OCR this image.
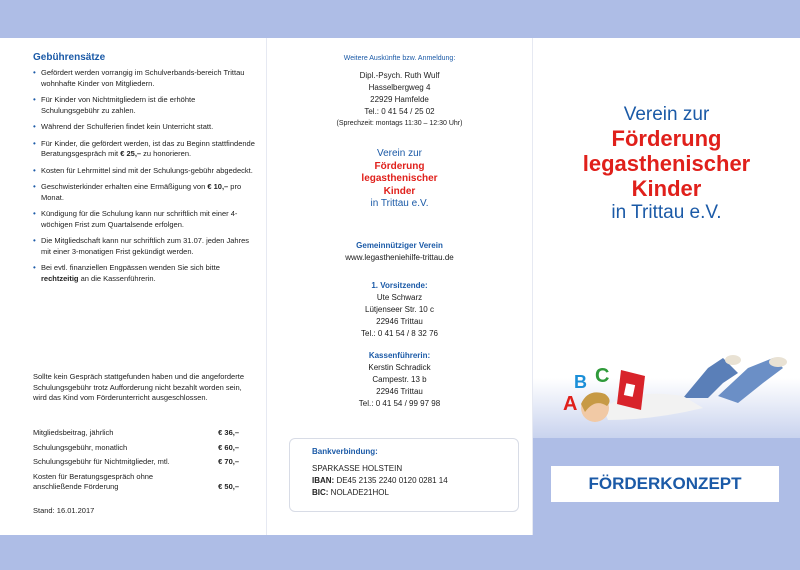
Gebührensätze
• Gefördert werden vorrangig im Schulverbands-bereich Trittau wohnhafte Kinder von Mitgliedern.
• Für Kinder von Nichtmitgliedern ist die erhöhte Schulungsgebühr zu zahlen.
• Während der Schulferien findet kein Unterricht statt.
• Für Kinder, die gefördert werden, ist das zu Beginn stattfindende Beratungsgespräch mit € 25,– zu honorieren.
• Kosten für Lehrmittel sind mit der Schulungs-gebühr abgedeckt.
• Geschwisterkinder erhalten eine Ermäßigung von € 10,– pro Monat.
• Kündigung für die Schulung kann nur schriftlich mit einer 4-wöchigen Frist zum Quartalsende erfolgen.
• Die Mitgliedschaft kann nur schriftlich zum 31.07. jeden Jahres mit einer 3-monatigen Frist gekündigt werden.
• Bei evtl. finanziellen Engpässen wenden Sie sich bitte rechtzeitig an die Kassenführerin.
Sollte kein Gespräch stattgefunden haben und die angeforderte Schulungsgebühr trotz Aufforderung nicht bezahlt worden sein, wird das Kind vom Förderunterricht ausgeschlossen.
Mitgliedsbeitrag, jährlich	€ 36,–
Schulungsgebühr, monatlich	€ 60,–
Schulungsgebühr für Nichtmitglieder, mtl.	€ 70,–
Kosten für Beratungsgespräch ohne anschließende Förderung	€ 50,–
Stand: 16.01.2017
Weitere Auskünfte bzw. Anmeldung:
Dipl.-Psych. Ruth Wulf
Hasselbergweg 4
22929 Hamfelde
Tel.: 0 41 54 / 25 02
(Sprechzeit: montags 11:30 – 12:30 Uhr)
Verein zur
Förderung
legasthenischer
Kinder
in Trittau e.V.
Gemeinnütziger Verein
www.legastheniehilfe-trittau.de
1. Vorsitzende:
Ute Schwarz
Lütjenseer Str. 10 c
22946 Trittau
Tel.: 0 41 54 / 8 32 76
Kassenführerin:
Kerstin Schradick
Campestr. 13 b
22946 Trittau
Tel.: 0 41 54 / 99 97 98
Bankverbindung:
SPARKASSE HOLSTEIN
IBAN: DE45 2135 2240 0120 0281 14
BIC: NOLADE21HOL
Verein zur
Förderung
legasthenischer
Kinder
in Trittau e.V.
A
B C
FÖRDERKONZEPT
